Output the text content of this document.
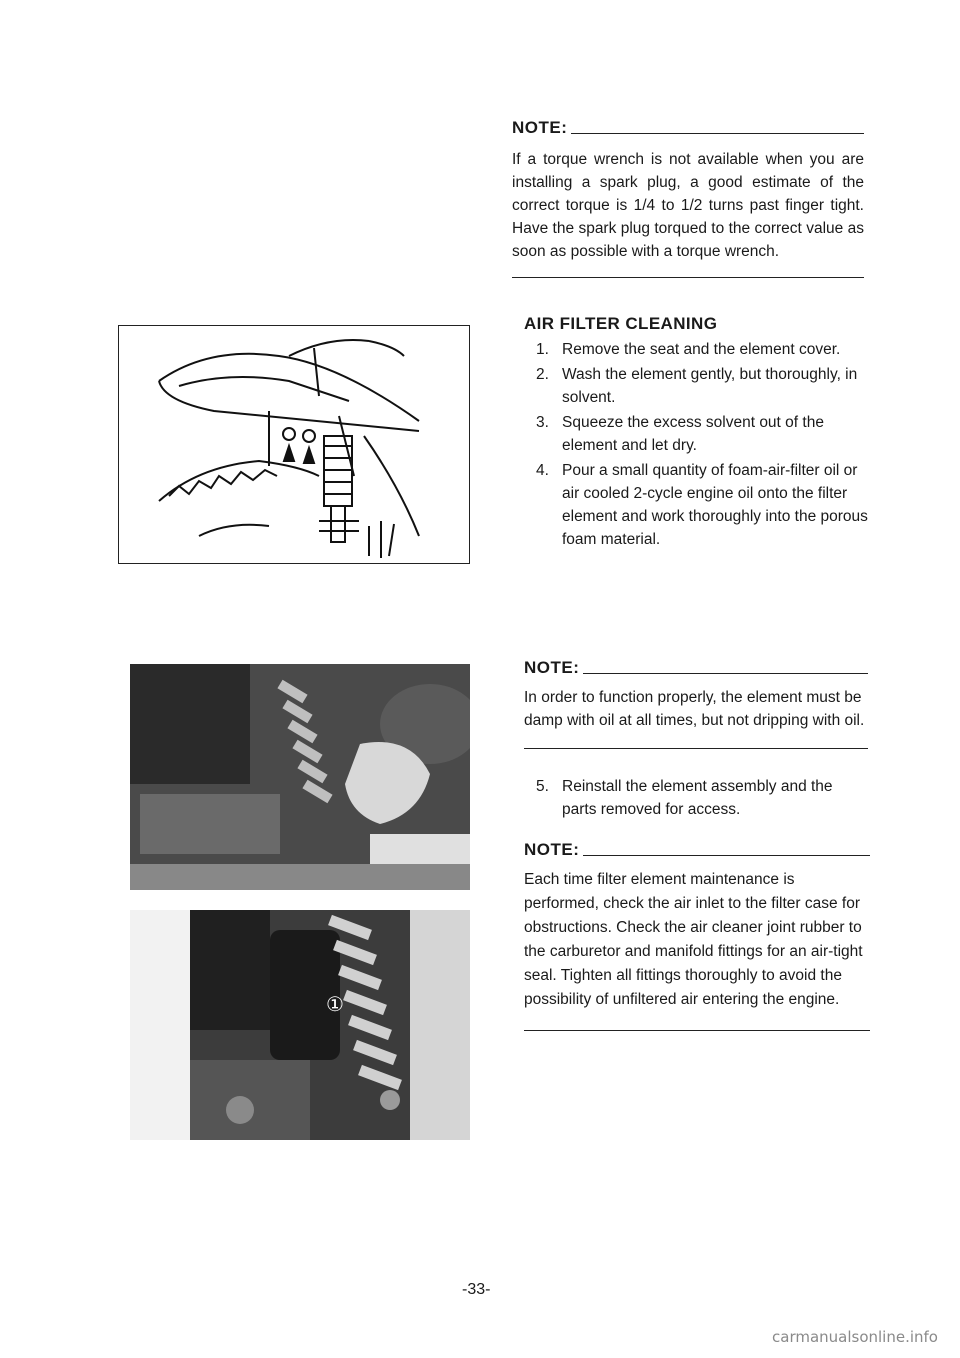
NOTE:
If a torque wrench is not available when you are installing a spark plug, a good estimate of the correct torque is 1/4 to 1/2 turns past finger tight. Have the spark plug torqued to the correct value as soon as possible with a torque wrench.
AIR FILTER CLEANING
1. Remove the seat and the element cover.
2. Wash the element gently, but thoroughly, in solvent.
3. Squeeze the excess solvent out of the element and let dry.
4. Pour a small quantity of foam-air-filter oil or air cooled 2-cycle engine oil onto the filter element and work thoroughly into the porous foam material.
①
NOTE:
In order to function properly, the element must be damp with oil at all times, but not dripping with oil.
5. Reinstall the element assembly and the parts removed for access.
NOTE:
Each time filter element maintenance is performed, check the air inlet to the filter case for obstructions. Check the air cleaner joint rubber to the carburetor and manifold fittings for an air-tight seal. Tighten all fittings thoroughly to avoid the possibility of unfiltered air entering the engine.
-33-
carmanualsonline.info
